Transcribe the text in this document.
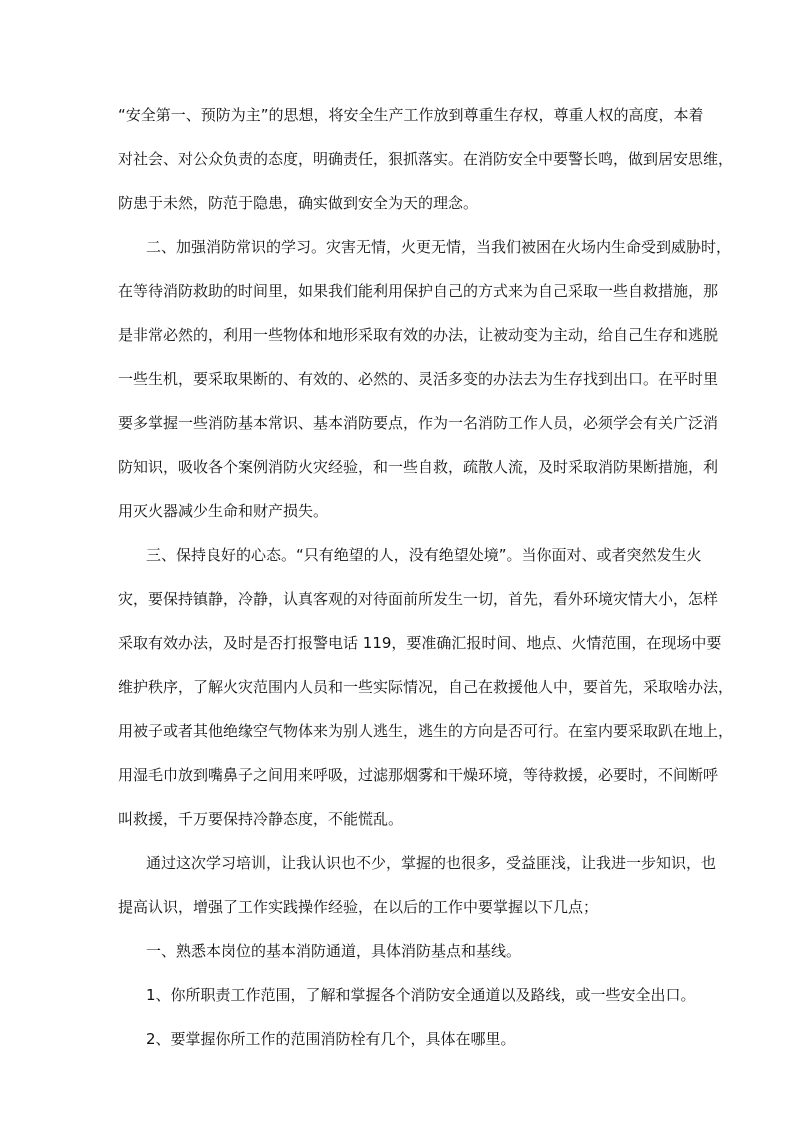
“安全第一、预防为主”的思想，将安全生产工作放到尊重生存权，尊重人权的高度，本着
对社会、对公众负责的态度，明确责任，狠抓落实。在消防安全中要警长鸣，做到居安思维，
防患于未然，防范于隐患，确实做到安全为天的理念。
二、加强消防常识的学习。灾害无情，火更无情，当我们被困在火场内生命受到威胁时，
在等待消防救助的时间里，如果我们能利用保护自己的方式来为自己采取一些自救措施，那
是非常必然的，利用一些物体和地形采取有效的办法，让被动变为主动，给自己生存和逃脱
一些生机，要采取果断的、有效的、必然的、灵活多变的办法去为生存找到出口。在平时里
要多掌握一些消防基本常识、基本消防要点，作为一名消防工作人员，必须学会有关广泛消
防知识，吸收各个案例消防火灾经验，和一些自救，疏散人流，及时采取消防果断措施，利
用灭火器减少生命和财产损失。
三、保持良好的心态。“只有绝望的人，没有绝望处境”。当你面对、或者突然发生火
灾，要保持镇静，冷静，认真客观的对待面前所发生一切，首先，看外环境灾情大小，怎样
采取有效办法，及时是否打报警电话 119，要准确汇报时间、地点、火情范围，在现场中要
维护秩序，了解火灾范围内人员和一些实际情况，自己在救援他人中，要首先，采取啥办法，
用被子或者其他绝缘空气物体来为别人逃生，逃生的方向是否可行。在室内要采取趴在地上，
用湿毛巾放到嘴鼻子之间用来呼吸，过滤那烟雾和干燥环境，等待救援，必要时，不间断呼
叫救援，千万要保持冷静态度，不能慌乱。
通过这次学习培训，让我认识也不少，掌握的也很多，受益匪浅，让我进一步知识，也
提高认识，增强了工作实践操作经验，在以后的工作中要掌握以下几点；
一、熟悉本岗位的基本消防通道，具体消防基点和基线。
1、你所职责工作范围，了解和掌握各个消防安全通道以及路线，或一些安全出口。
2、要掌握你所工作的范围消防栓有几个，具体在哪里。
